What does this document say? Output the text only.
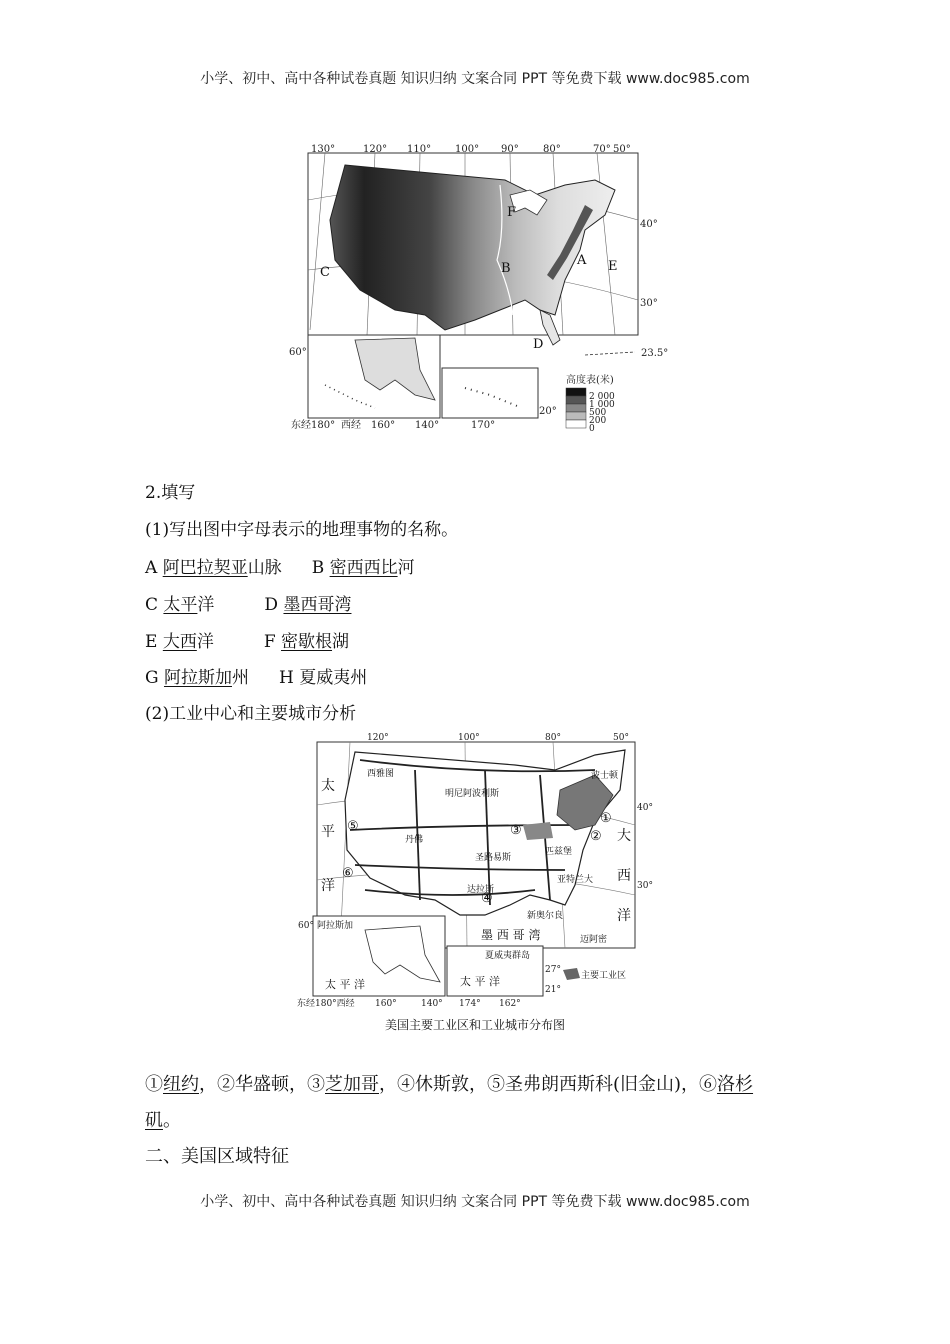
小学、初中、高中各种试卷真题 知识归纳 文案合同 PPT 等免费下载 www.doc985.com
130°	120° 110° 100° 90° 80°	70° 50°
40°
30°
23.5°
A
B
C
D
E
F
60°
20°
东经180° 西经 160° 140°	170°
高度表(米)
2 000
1 000
500
200
0
2.填写
(1)写出图中字母表示的地理事物的名称。
A 阿巴拉契亚山脉 B 密西西比河
C 太平洋	D 墨西哥湾
E 大西洋	F 密歇根湖
G 阿拉斯加州 H 夏威夷州
(2)工业中心和主要城市分析
西雅图
明尼阿波利斯
波士顿
丹佛
圣路易斯
匹兹堡
达拉斯
亚特兰大
新奥尔良
迈阿密
①
②
③
④
⑤
⑥
太
平
洋
大
西
洋
墨 西 哥 湾
120°	100°	80°	50°
40°
30°
阿拉斯加
60°
太 平 洋
夏威夷群岛
太 平 洋
27°
21°
主要工业区
东经180°西经 160°	140° 174° 162°
美国主要工业区和工业城市分布图
①纽约，②华盛顿，③芝加哥，④休斯敦，⑤圣弗朗西斯科(旧金山)，⑥洛杉
矶。
二、美国区域特征
小学、初中、高中各种试卷真题 知识归纳 文案合同 PPT 等免费下载 www.doc985.com
